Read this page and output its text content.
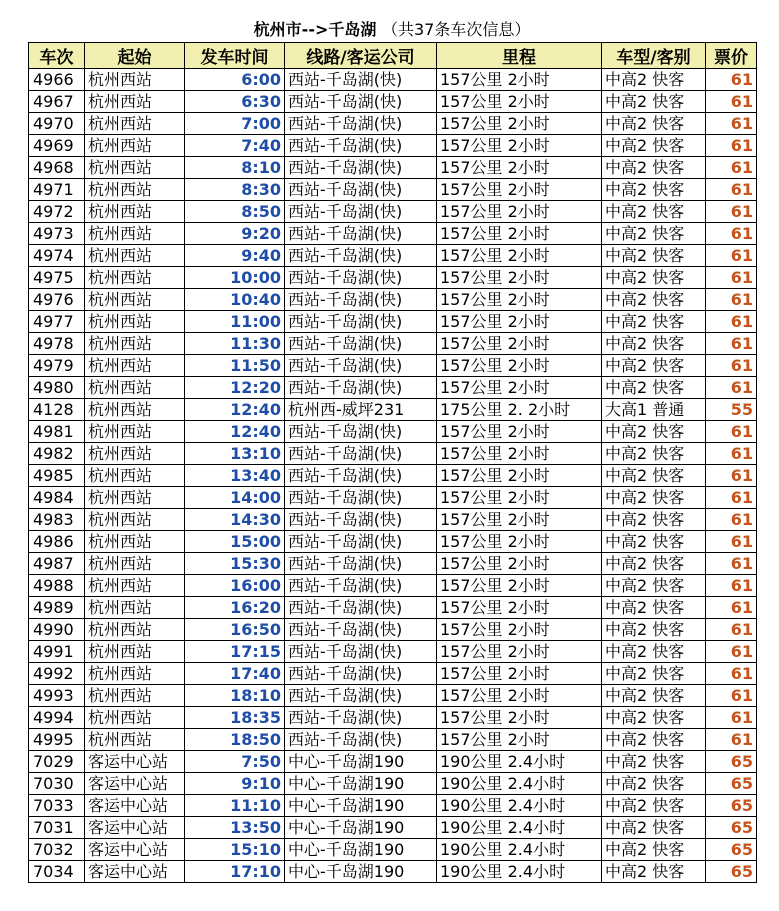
杭州市-->千岛湖 （共37条车次信息）
车次	起始	发车时间	线路/客运公司	里程	车型/客别	票价
4966	杭州西站	6:00	西站-千岛湖(快)	157公里 2小时	中高2 快客	61
4967	杭州西站	6:30	西站-千岛湖(快)	157公里 2小时	中高2 快客	61
4970	杭州西站	7:00	西站-千岛湖(快)	157公里 2小时	中高2 快客	61
4969	杭州西站	7:40	西站-千岛湖(快)	157公里 2小时	中高2 快客	61
4968	杭州西站	8:10	西站-千岛湖(快)	157公里 2小时	中高2 快客	61
4971	杭州西站	8:30	西站-千岛湖(快)	157公里 2小时	中高2 快客	61
4972	杭州西站	8:50	西站-千岛湖(快)	157公里 2小时	中高2 快客	61
4973	杭州西站	9:20	西站-千岛湖(快)	157公里 2小时	中高2 快客	61
4974	杭州西站	9:40	西站-千岛湖(快)	157公里 2小时	中高2 快客	61
4975	杭州西站	10:00	西站-千岛湖(快)	157公里 2小时	中高2 快客	61
4976	杭州西站	10:40	西站-千岛湖(快)	157公里 2小时	中高2 快客	61
4977	杭州西站	11:00	西站-千岛湖(快)	157公里 2小时	中高2 快客	61
4978	杭州西站	11:30	西站-千岛湖(快)	157公里 2小时	中高2 快客	61
4979	杭州西站	11:50	西站-千岛湖(快)	157公里 2小时	中高2 快客	61
4980	杭州西站	12:20	西站-千岛湖(快)	157公里 2小时	中高2 快客	61
4128	杭州西站	12:40	杭州西-威坪231	175公里 2. 2小时	大高1 普通	55
4981	杭州西站	12:40	西站-千岛湖(快)	157公里 2小时	中高2 快客	61
4982	杭州西站	13:10	西站-千岛湖(快)	157公里 2小时	中高2 快客	61
4985	杭州西站	13:40	西站-千岛湖(快)	157公里 2小时	中高2 快客	61
4984	杭州西站	14:00	西站-千岛湖(快)	157公里 2小时	中高2 快客	61
4983	杭州西站	14:30	西站-千岛湖(快)	157公里 2小时	中高2 快客	61
4986	杭州西站	15:00	西站-千岛湖(快)	157公里 2小时	中高2 快客	61
4987	杭州西站	15:30	西站-千岛湖(快)	157公里 2小时	中高2 快客	61
4988	杭州西站	16:00	西站-千岛湖(快)	157公里 2小时	中高2 快客	61
4989	杭州西站	16:20	西站-千岛湖(快)	157公里 2小时	中高2 快客	61
4990	杭州西站	16:50	西站-千岛湖(快)	157公里 2小时	中高2 快客	61
4991	杭州西站	17:15	西站-千岛湖(快)	157公里 2小时	中高2 快客	61
4992	杭州西站	17:40	西站-千岛湖(快)	157公里 2小时	中高2 快客	61
4993	杭州西站	18:10	西站-千岛湖(快)	157公里 2小时	中高2 快客	61
4994	杭州西站	18:35	西站-千岛湖(快)	157公里 2小时	中高2 快客	61
4995	杭州西站	18:50	西站-千岛湖(快)	157公里 2小时	中高2 快客	61
7029	客运中心站	7:50	中心-千岛湖190	190公里 2.4小时	中高2 快客	65
7030	客运中心站	9:10	中心-千岛湖190	190公里 2.4小时	中高2 快客	65
7033	客运中心站	11:10	中心-千岛湖190	190公里 2.4小时	中高2 快客	65
7031	客运中心站	13:50	中心-千岛湖190	190公里 2.4小时	中高2 快客	65
7032	客运中心站	15:10	中心-千岛湖190	190公里 2.4小时	中高2 快客	65
7034	客运中心站	17:10	中心-千岛湖190	190公里 2.4小时	中高2 快客	65
